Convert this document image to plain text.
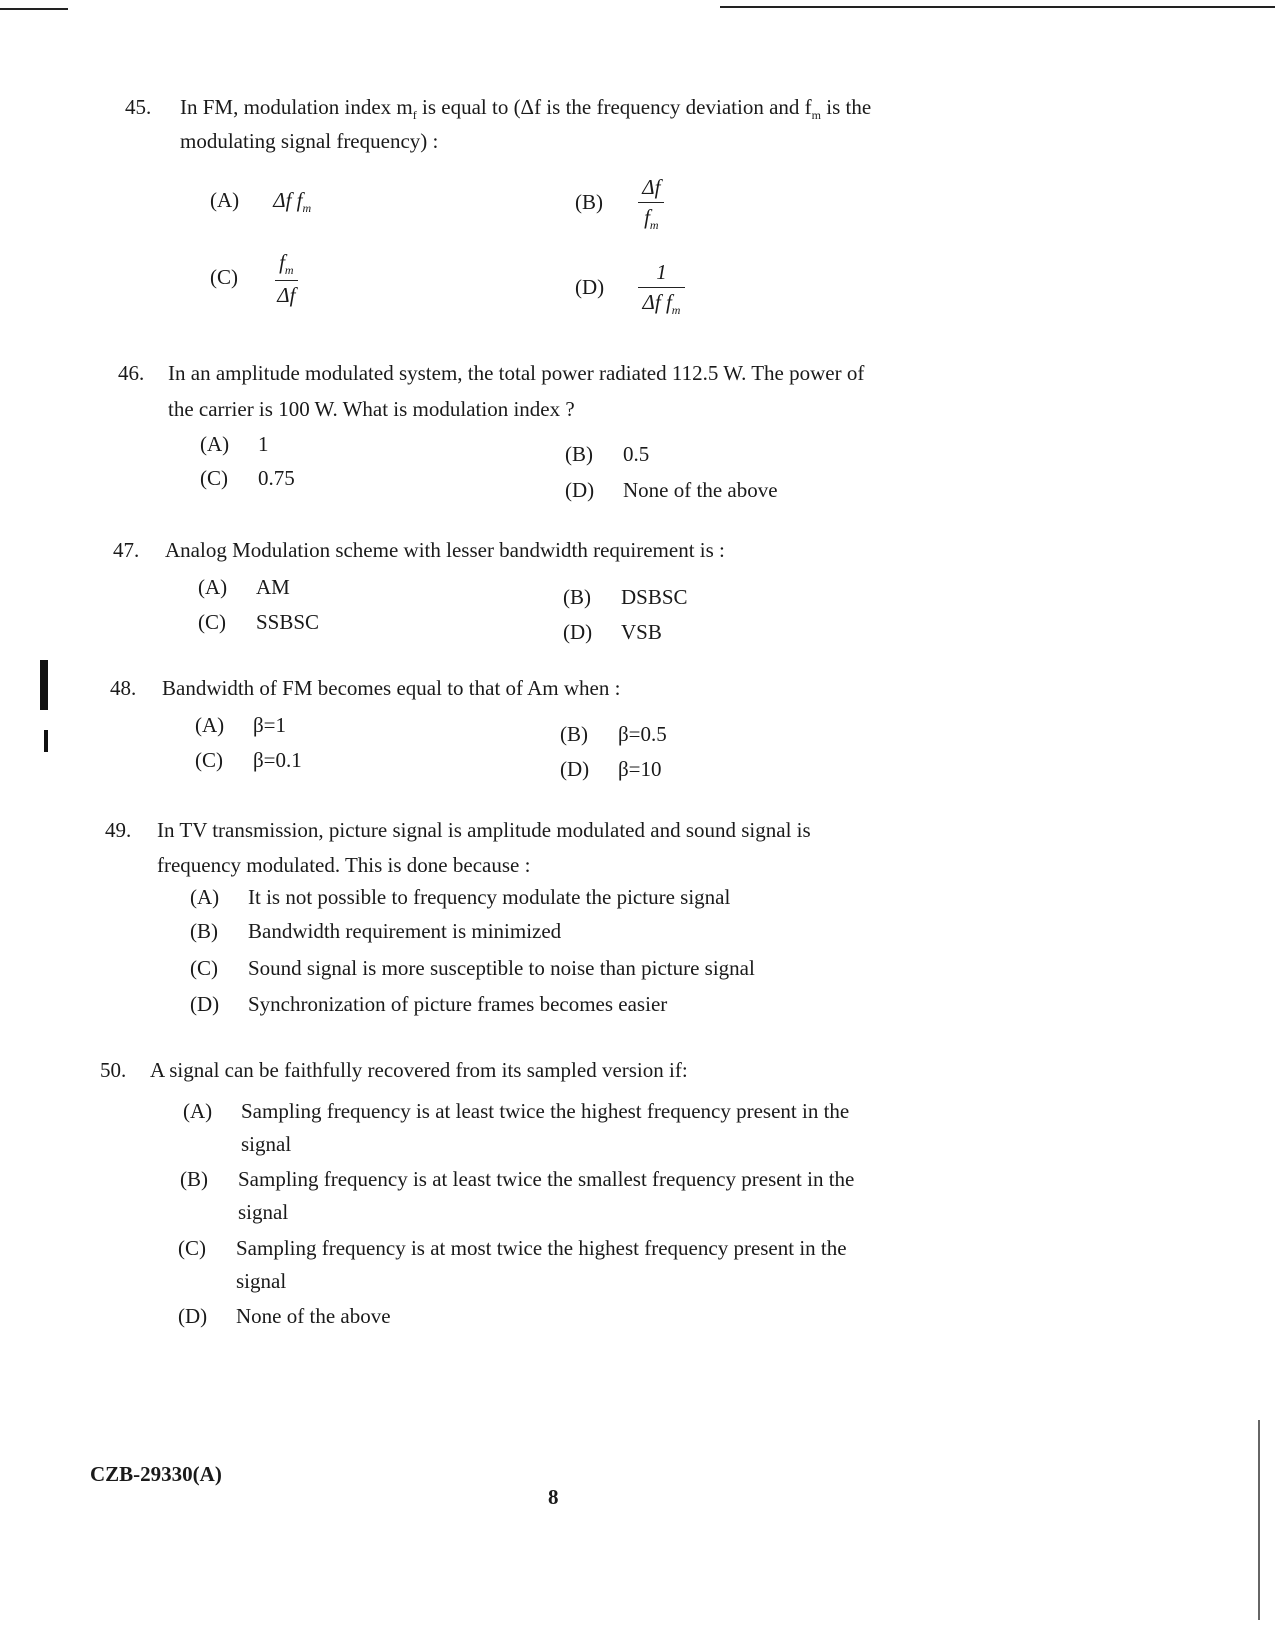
45. In FM, modulation index $m_f$ is equal to (Δf is the frequency deviation and $f_m$ is the
modulating signal frequency) :
(A) Δf $f_m$	$(B) \frac{\Delta f}{f_m}$
$(C) \frac{f_m}{\Delta f}$	$(D) \frac{1}{\Delta f f_m}$
46. In an amplitude modulated system, the total power radiated 112.5 W. The power of
the carrier is 100 W. What is modulation index ?
(A) 1	(B) 0.5
(C) 0.75	(D) None of the above
47. Analog Modulation scheme with lesser bandwidth requirement is :
(A) AM	(B) DSBSC
(C) SSBSC	(D) VSB
48. Bandwidth of FM becomes equal to that of Am when :
(A) β=1	(B) β=0.5
(C) β=0.1	(D) β=10
49. In TV transmission, picture signal is amplitude modulated and sound signal is
frequency modulated. This is done because :
(A) It is not possible to frequency modulate the picture signal
(B) Bandwidth requirement is minimized
(C) Sound signal is more susceptible to noise than picture signal
(D) Synchronization of picture frames becomes easier
50. A signal can be faithfully recovered from its sampled version if:
(A) Sampling frequency is at least twice the highest frequency present in the
signal
(B) Sampling frequency is at least twice the smallest frequency present in the
signal
(C) Sampling frequency is at most twice the highest frequency present in the
signal
(D) None of the above
CZB-29330(A)
8
